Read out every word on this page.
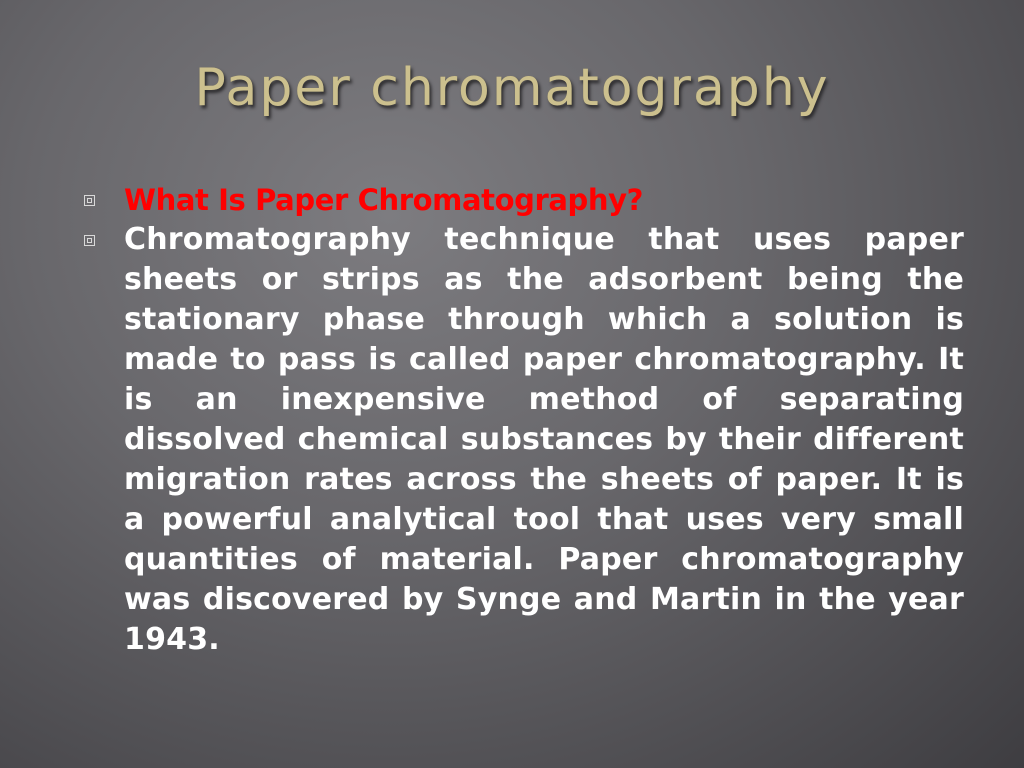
Paper chromatography
What Is Paper Chromatography?
Chromatography technique that uses paper sheets or strips as the adsorbent being the stationary phase through which a solution is made to pass is called paper chromatography. It is an inexpensive method of separating dissolved chemical substances by their different migration rates across the sheets of paper. It is a powerful analytical tool that uses very small quantities of material. Paper chromatography was discovered by Synge and Martin in the year 1943.
